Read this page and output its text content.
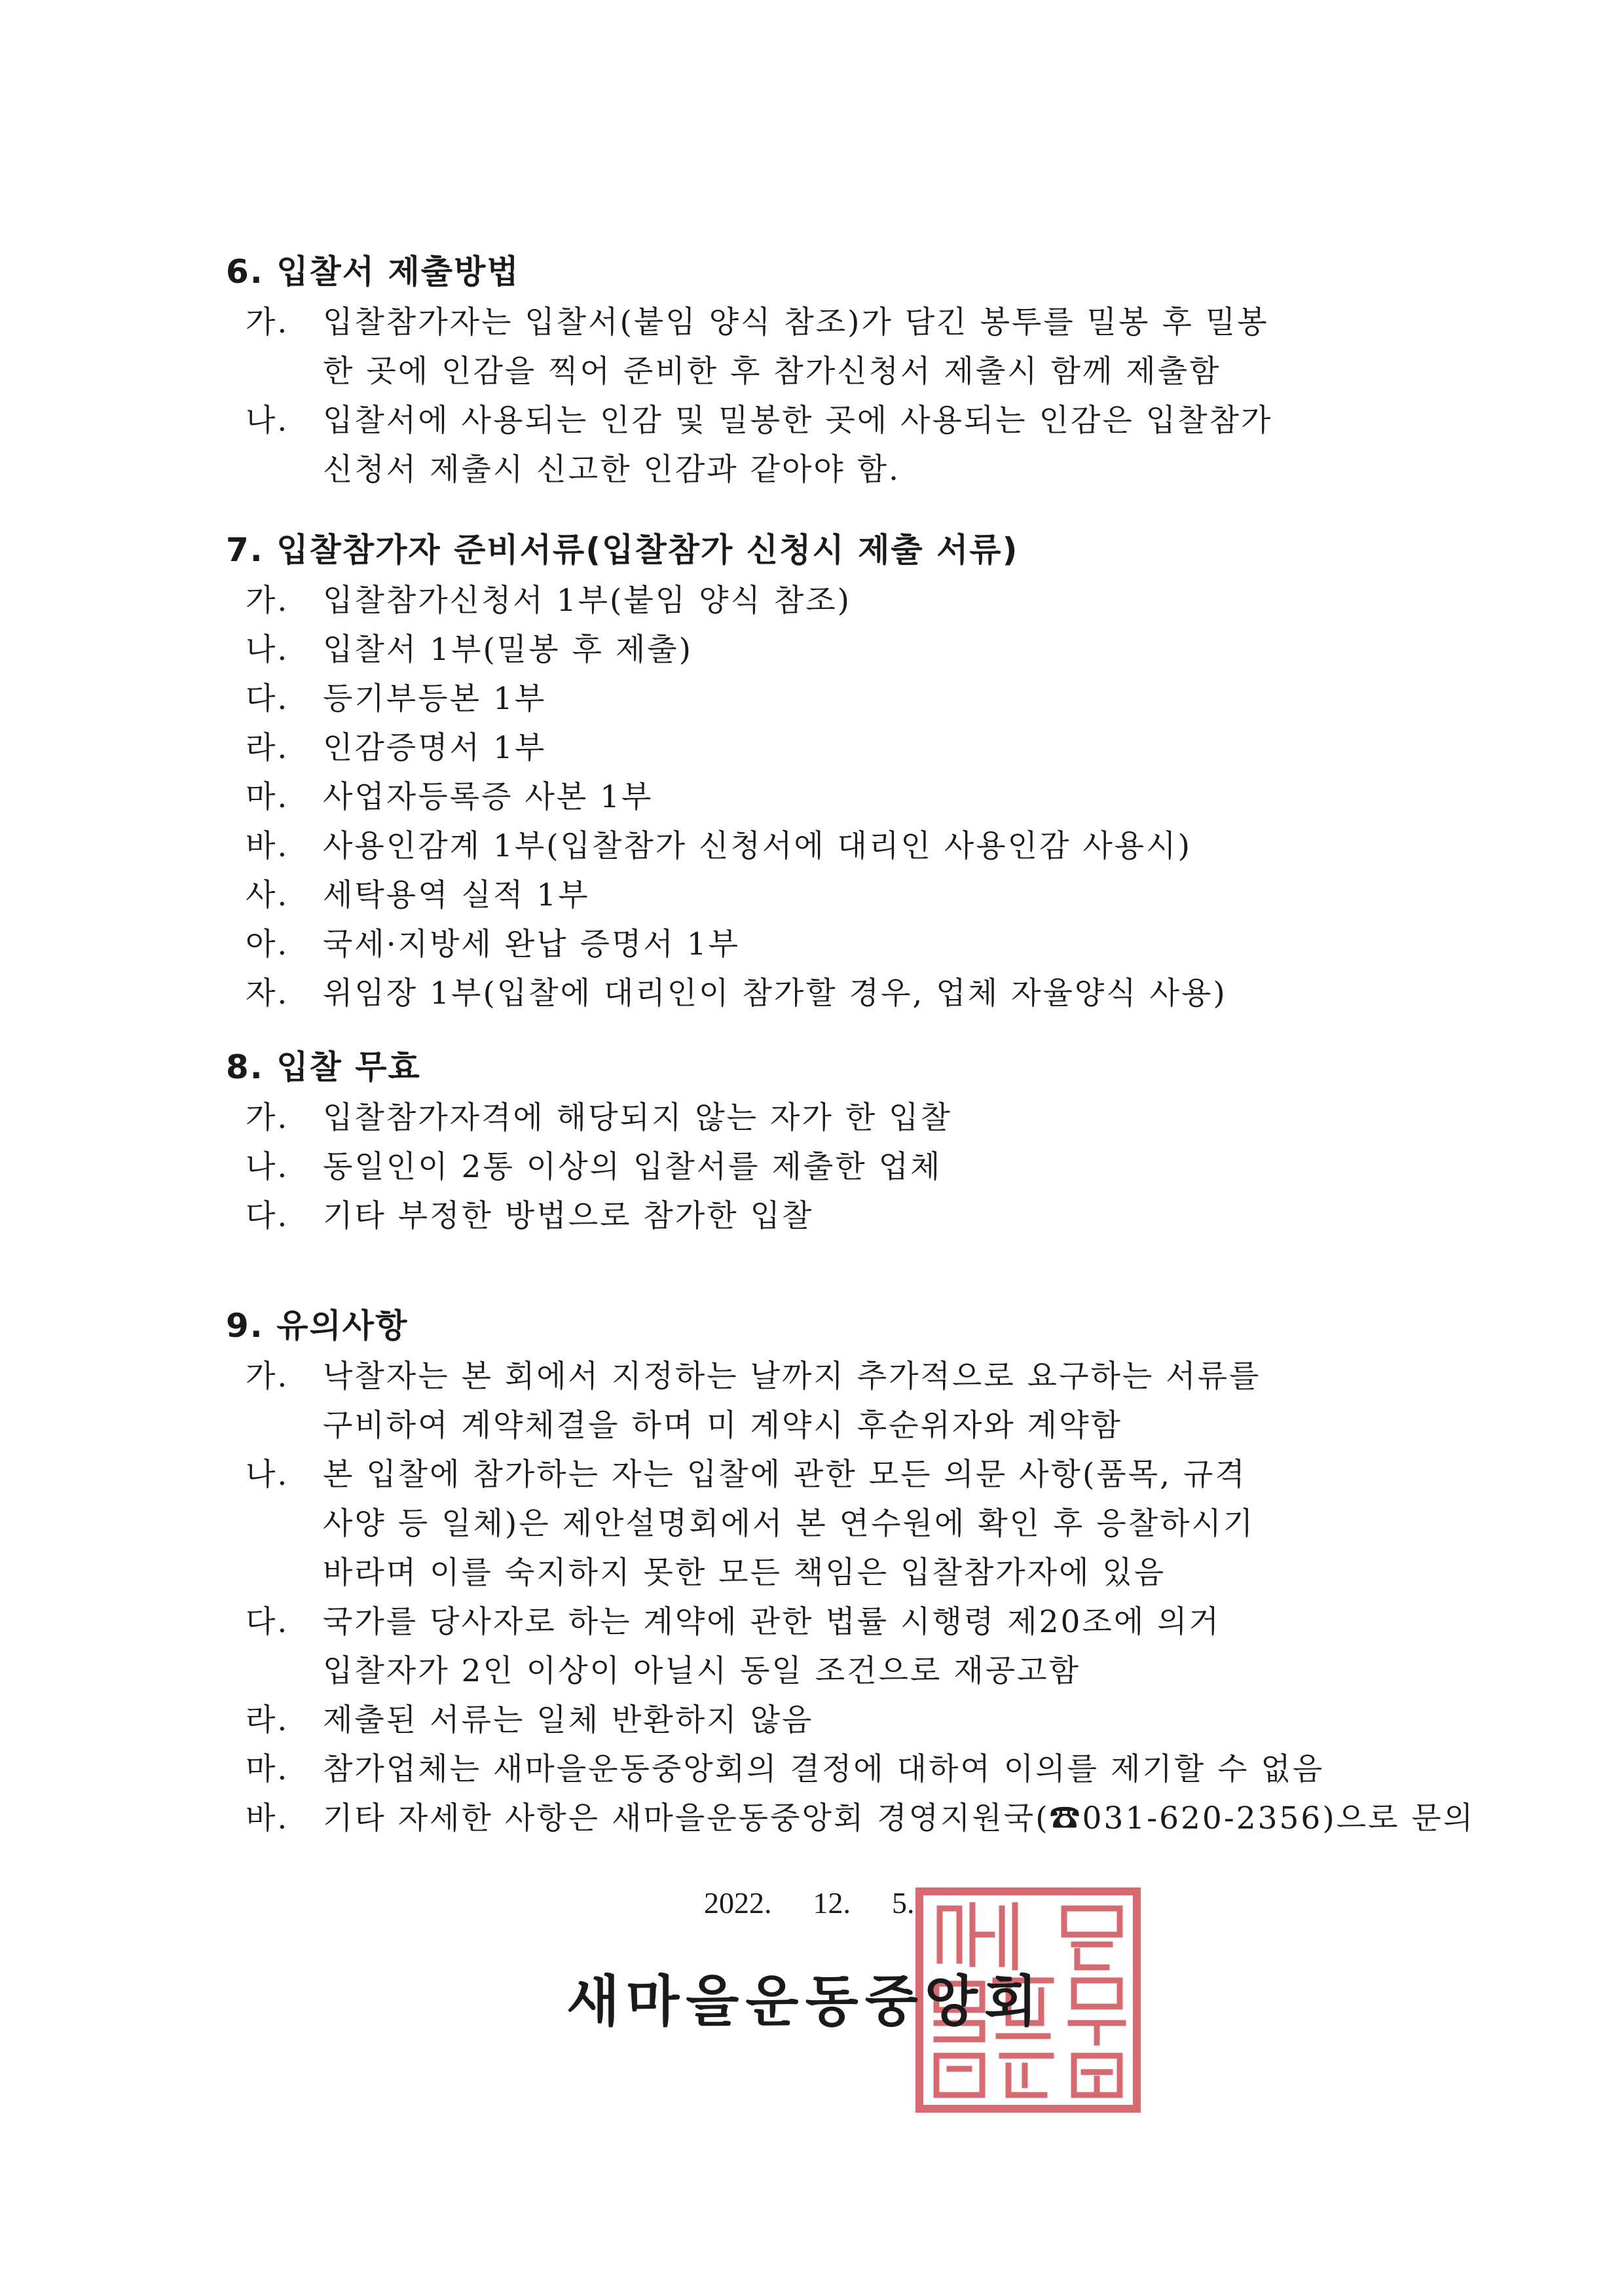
6. 입찰서 제출방법
가. 입찰참가자는 입찰서(붙임 양식 참조)가 담긴 봉투를 밀봉 후 밀봉
한 곳에 인감을 찍어 준비한 후 참가신청서 제출시 함께 제출함
나. 입찰서에 사용되는 인감 및 밀봉한 곳에 사용되는 인감은 입찰참가
신청서 제출시 신고한 인감과 같아야 함.
7. 입찰참가자 준비서류(입찰참가 신청시 제출 서류)
가. 입찰참가신청서 1부(붙임 양식 참조)
나. 입찰서 1부(밀봉 후 제출)
다. 등기부등본 1부
라. 인감증명서 1부
마. 사업자등록증 사본 1부
바. 사용인감계 1부(입찰참가 신청서에 대리인 사용인감 사용시)
사. 세탁용역 실적 1부
아. 국세·지방세 완납 증명서 1부
자. 위임장 1부(입찰에 대리인이 참가할 경우, 업체 자율양식 사용)
8. 입찰 무효
가. 입찰참가자격에 해당되지 않는 자가 한 입찰
나. 동일인이 2통 이상의 입찰서를 제출한 업체
다. 기타 부정한 방법으로 참가한 입찰
9. 유의사항
가. 낙찰자는 본 회에서 지정하는 날까지 추가적으로 요구하는 서류를
구비하여 계약체결을 하며 미 계약시 후순위자와 계약함
나. 본 입찰에 참가하는 자는 입찰에 관한 모든 의문 사항(품목, 규격
사양 등 일체)은 제안설명회에서 본 연수원에 확인 후 응찰하시기
바라며 이를 숙지하지 못한 모든 책임은 입찰참가자에 있음
다. 국가를 당사자로 하는 계약에 관한 법률 시행령 제20조에 의거
입찰자가 2인 이상이 아닐시 동일 조건으로 재공고함
라. 제출된 서류는 일체 반환하지 않음
마. 참가업체는 새마을운동중앙회의 결정에 대하여 이의를 제기할 수 없음
바. 기타 자세한 사항은 새마을운동중앙회 경영지원국(☎031-620-2356)으로 문의
2022.  12.  5.
새마을운동중앙회
